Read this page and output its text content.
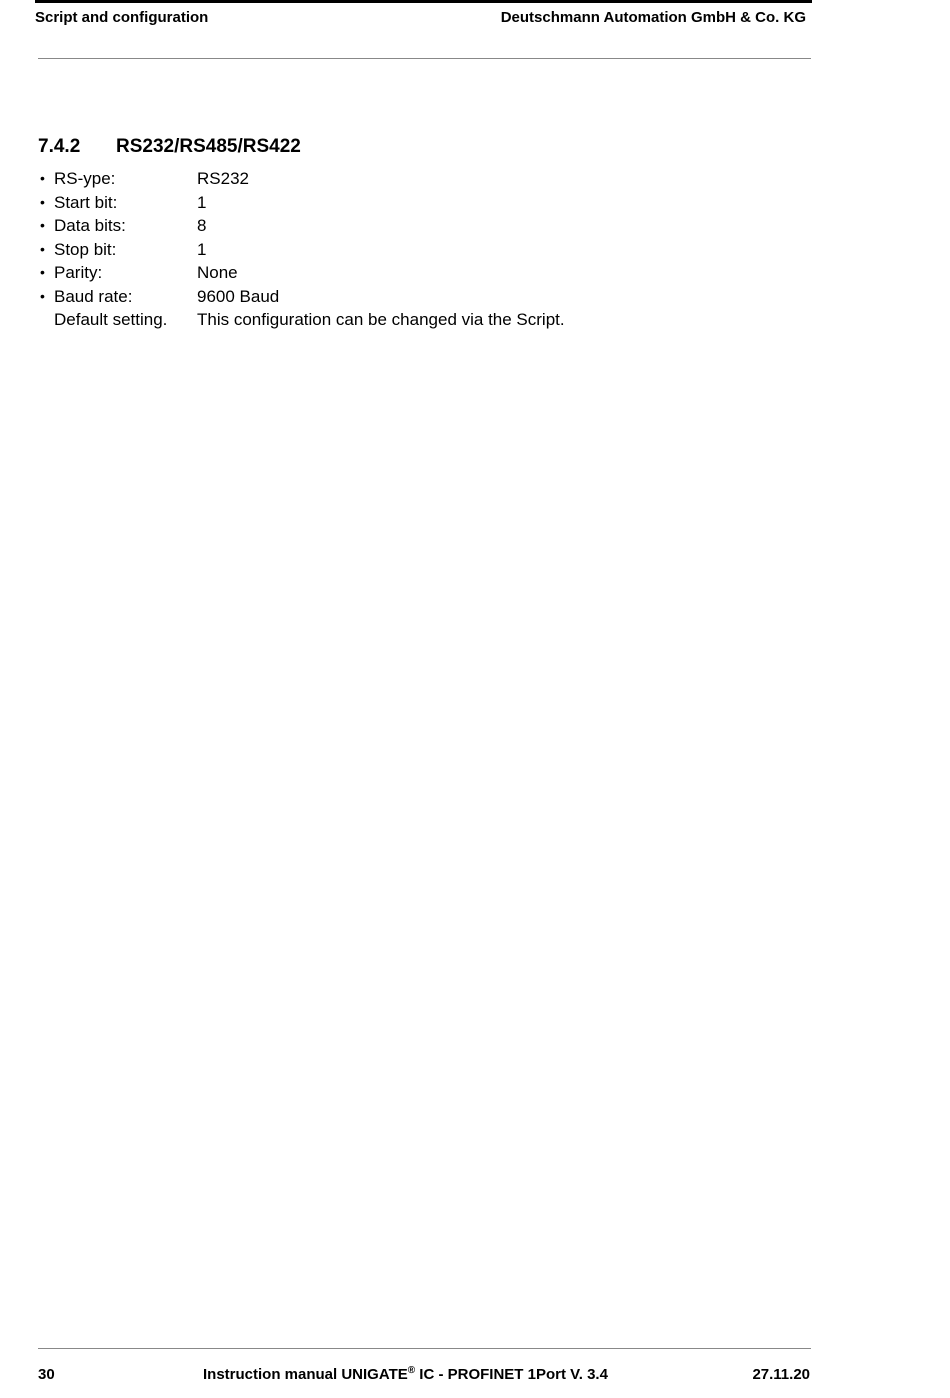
Script and configuration	Deutschmann Automation GmbH & Co. KG
7.4.2 RS232/RS485/RS422
• RS-ype:	RS232
• Start bit:	1
• Data bits:	8
• Stop bit:	1
• Parity:	None
• Baud rate:	9600 Baud
Default setting. This configuration can be changed via the Script.
30	Instruction manual UNIGATE® IC - PROFINET 1Port V. 3.4	27.11.20
